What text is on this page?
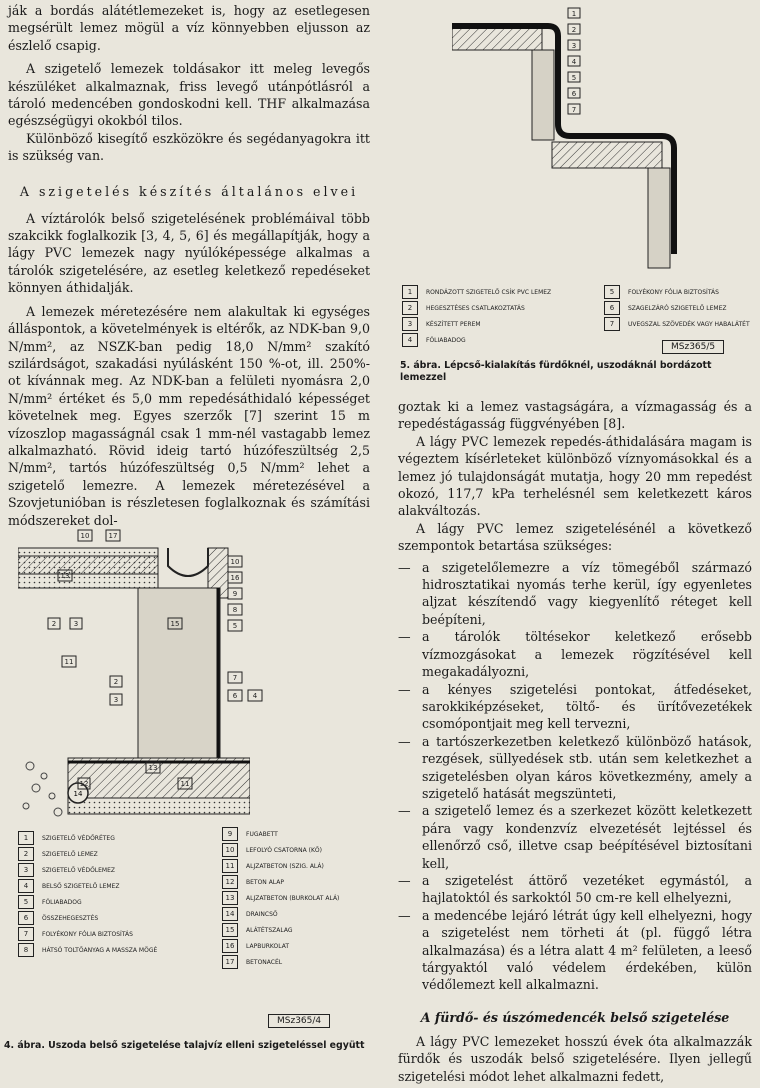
ják a bordás alátétlemezeket is, hogy az esetlegesen megsérült lemez mögül a víz könnyebben eljusson az észlelő csapig.

A szigetelő lemezek toldásakor itt meleg levegős készüléket alkalmaznak, friss levegő utánpótlásról a tároló medencében gondoskodni kell. THF alkalmazása egészségügyi okokból tilos.

Különböző kisegítő eszközökre és segédanyagokra itt is szükség van.

A szigetelés készítés általános elvei

A víztárolók belső szigetelésének problémáival több szakcikk foglalkozik [3, 4, 5, 6] és megállapítják, hogy a lágy PVC lemezek nagy nyúlóképessége alkalmas a tárolók szigetelésére, az esetleg keletkező repedéseket könnyen áthidalják.

A lemezek méretezésére nem alakultak ki egységes álláspontok, a követelmények is eltérők, az NDK-ban 9,0 N/mm², az NSZK-ban pedig 18,0 N/mm² szakító szilárdságot, szakadási nyúlásként 150 %-ot, ill. 250%-ot kívánnak meg. Az NDK-ban a felületi nyomásra 2,0 N/mm² értéket és 5,0 mm repedésáthidaló képességet követelnek meg. Egyes szerzők [7] szerint 15 m vízoszlop magasságnál csak 1 mm-nél vastagabb lemez alkalmazható. Rövid ideig tartó húzófeszültség 2,5 N/mm², tartós húzófeszültség 0,5 N/mm² lehet a szigetelő lemezre. A lemezek méretezésével a Szovjetunióban is részletesen foglalkoznak és számítási módszereket dol-

14
10	17
2	3
11
2
3
15
12
13
11
13
10
16
9
8
5
7
6 4
1	SZIGETELŐ VÉDŐRÉTEG
2	SZIGETELŐ LEMEZ
3	SZIGETELŐ VÉDŐLEMEZ
4	BELSŐ SZIGETELŐ LEMEZ
5	FÓLIABADOG
6	ÖSSZEHEGESZTÉS
7	FOLYÉKONY FÓLIA BIZTOSÍTÁS
8	HÁTSÓ TOLTŐANYAG A MASSZA MÖGÉ
9	FUGABETT
10	LEFOLYÓ CSATORNA (KŐ)
11	ALJZATBETON (SZIG. ALÁ)
12	BETON ALAP
13	ALJZATBETON (BURKOLAT ALÁ)
14	DRAINCSŐ
15	ALÁTÉTSZALAG
16	LAPBURKOLAT
17	BETONACÉL
MSz365/4
4. ábra. Uszoda belső szigetelése talajvíz elleni szigeteléssel együtt
1
2
3
4
5
6
7
1	RONDÁZOTT SZIGETELŐ CSÍK PVC LEMEZ
2	HEGESZTÉSES CSATLAKOZTATÁS
3	KÉSZÍTETT PEREM
4	FÓLIABADOG
5	FOLYÉKONY FÓLIA BIZTOSÍTÁS
6	SZAGELZÁRÓ SZIGETELŐ LEMEZ
7	UVEGSZAL SZÖVEDÉK VAGY HABALÁTÉT
MSz365/5
5. ábra. Lépcső-kialakítás fürdőknél, uszodáknál bordázott lemezzel

goztak ki a lemez vastagságára, a vízmagasság és a repedéstágasság függvényében [8].

A lágy PVC lemezek repedés-áthidalására magam is végeztem kísérleteket különböző víznyomásokkal és a lemez jó tulajdonságát mutatja, hogy 20 mm repedést okozó, 117,7 kPa terhelésnél sem keletkezett káros alakváltozás.

A lágy PVC lemez szigetelésénél a következő szempontok betartása szükséges:

— a szigetelőlemezre a víz tömegéből származó hidrosztatikai nyomás terhe kerül, így egyenletes aljzat készítendő vagy kiegyenlítő réteget kell beépíteni,
— a tárolók töltésekor keletkező erősebb vízmozgásokat a lemezek rögzítésével kell megakadályozni,
— a kényes szigetelési pontokat, átfedéseket, sarokkiképzéseket, töltő- és ürítővezetékek csomópontjait meg kell tervezni,
— a tartószerkezetben keletkező különböző hatások, rezgések, süllyedések stb. után sem keletkezhet a szigetelésben olyan káros következmény, amely a szigetelő hatását megszünteti,
— a szigetelő lemez és a szerkezet között keletkezett pára vagy kondenzvíz elvezetését lejtéssel és ellenőrző cső, illetve csap beépítésével biztosítani kell,
— a szigetelést áttörő vezetéket egymástól, a hajlatoktól és sarkoktól 50 cm-re kell elhelyezni,
— a medencébe lejáró létrát úgy kell elhelyezni, hogy a szigetelést nem törheti át (pl. függő létra alkalmazása) és a létra alatt 4 m² felületen, a leeső tárgyaktól való védelem érdekében, külön védőlemezt kell alkalmazni.
A fürdő- és úszómedencék belső szigetelése

A lágy PVC lemezeket hosszú évek óta alkalmazzák fürdők és uszodák belső szigetelésére. Ilyen jellegű szigetelési módot lehet alkalmazni fedett,
